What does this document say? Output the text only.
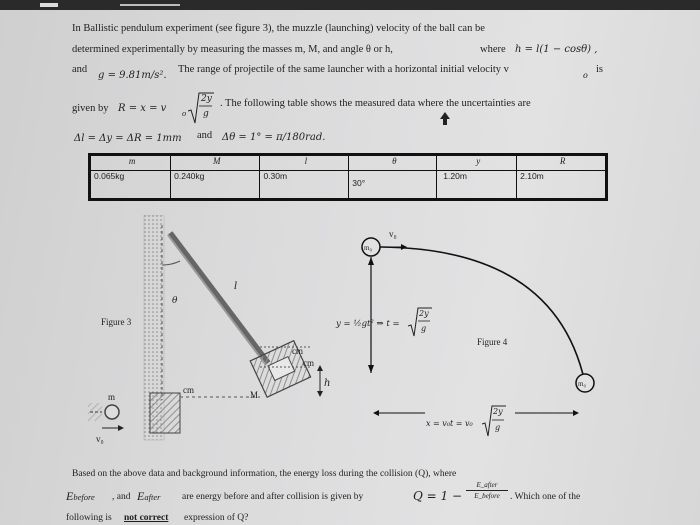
In Ballistic pendulum experiment (see figure 3), the muzzle (launching) velocity of the ball can be
determined experimentally by measuring the masses m, M, and angle θ or h,	where h = l(1 − cosθ) ,
and
g = 9.81m/s².
The range of projectile of the same launcher with a horizontal initial velocity v
o
is
given by R = x = v o
2y
g
. The following table shows the measured data where the uncertainties are
Δl = Δy = ΔR = 1mm and Δθ = 1° = π/180rad.
m	M	l	θ	y	R
0.065kg	0.240kg	0.30m	30°	1.20m	2.10m
Figure 3
l
θ
cm
cm
cm
h
M
m
v₀
v₀
m₀
m₀
y = ½gt² ⇒ t =
2y
g
Figure 4
x = v₀t = v₀
2y
g
Based on the above data and background information, the energy loss during the collision (Q), where
Ebefore , and Eafter are energy before and after collision is given by	Q = 1 −
E_after
E_before	. Which one of the
following is not correct expression of Q?
